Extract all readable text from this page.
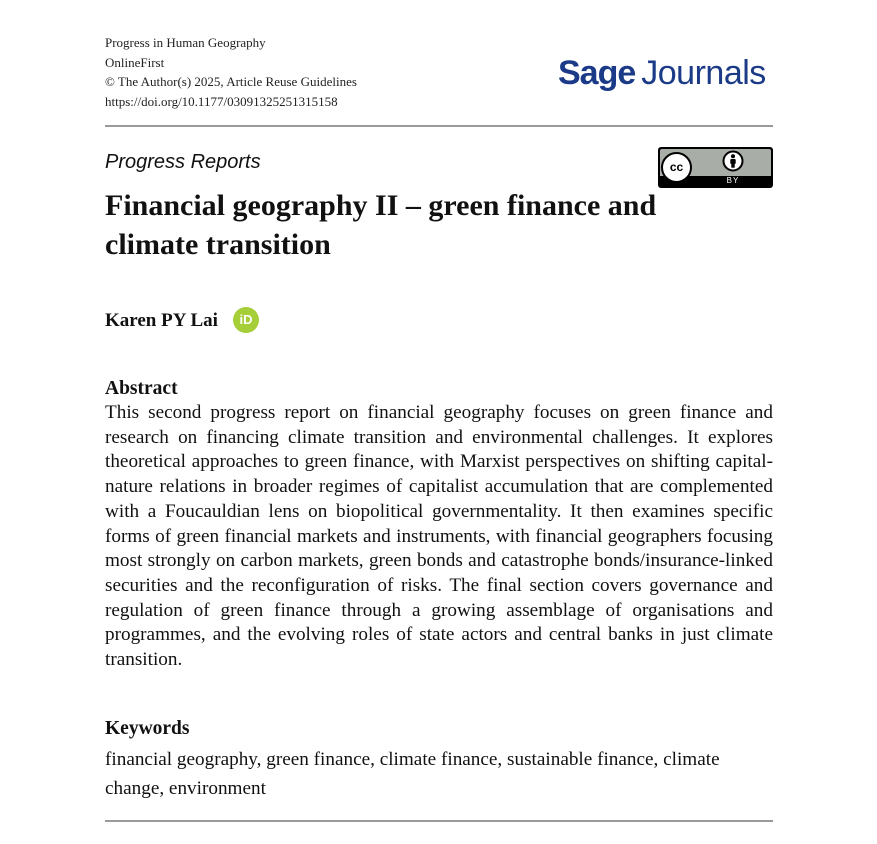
Progress in Human Geography
OnlineFirst
© The Author(s) 2025, Article Reuse Guidelines
https://doi.org/10.1177/03091325251315158
Sage Journals
Progress Reports	cc
BY
Financial geography II – green finance and climate transition
Karen PY Lai	iD
Abstract
This second progress report on financial geography focuses on green finance and research on financing climate transition and environmental challenges. It explores theoretical approaches to green finance, with Marxist perspectives on shifting capital-nature relations in broader regimes of capitalist accumulation that are complemented with a Foucauldian lens on biopolitical governmentality. It then examines specific forms of green financial markets and instruments, with financial geographers focusing most strongly on carbon markets, green bonds and catastrophe bonds/insurance-linked securities and the reconfiguration of risks. The final section covers governance and regulation of green finance through a growing assemblage of organisations and programmes, and the evolving roles of state actors and central banks in just climate transition.
Keywords
financial geography, green finance, climate finance, sustainable finance, climate change, environment
